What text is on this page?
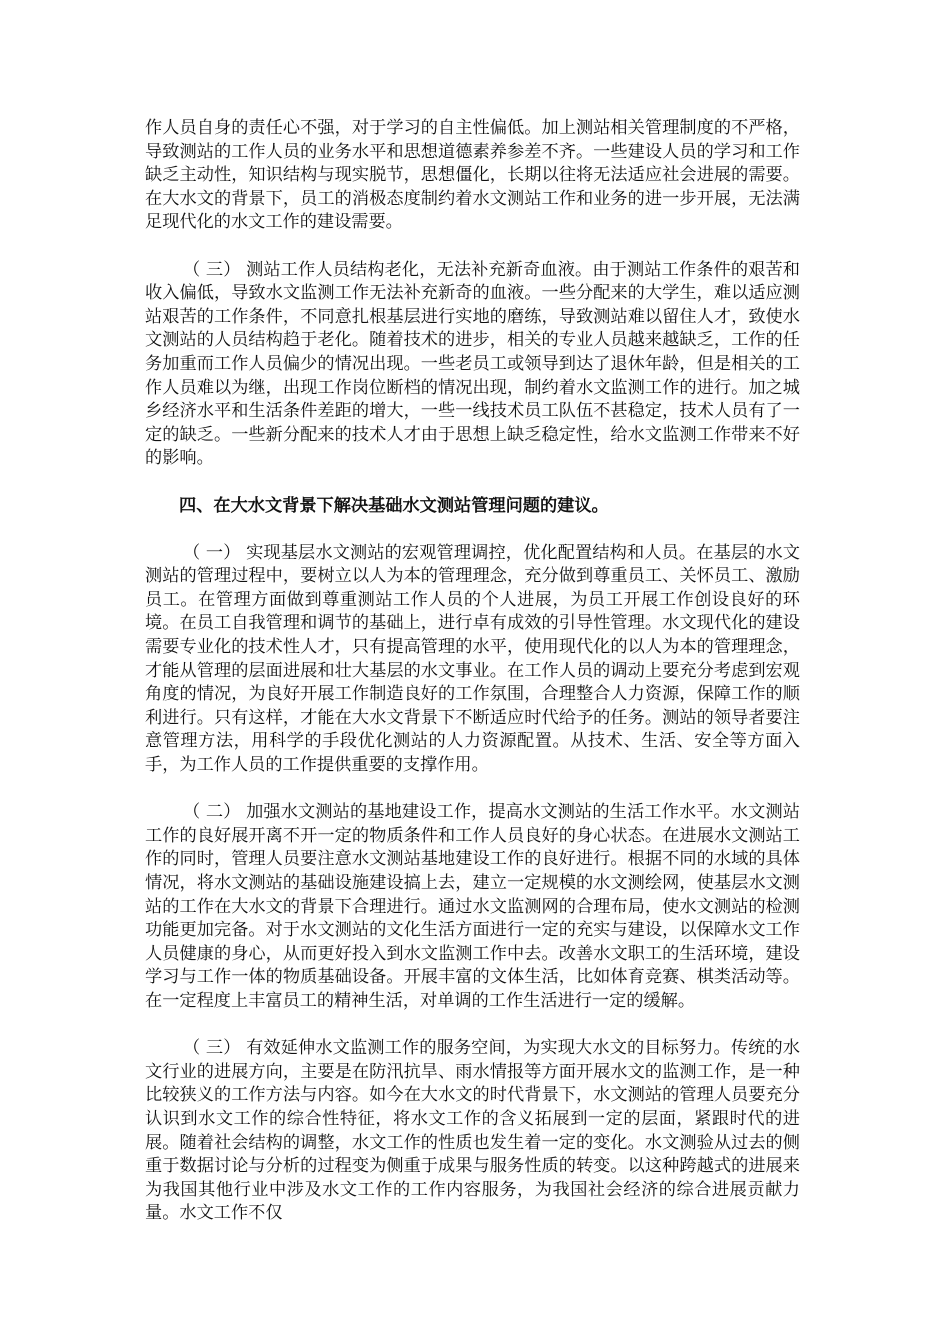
作人员自身的责任心不强，对于学习的自主性偏低。加上测站相关管理制度的不严格，导致测站的工作人员的业务水平和思想道德素养参差不齐。一些建设人员的学习和工作缺乏主动性，知识结构与现实脱节，思想僵化，长期以往将无法适应社会进展的需要。在大水文的背景下，员工的消极态度制约着水文测站工作和业务的进一步开展，无法满足现代化的水文工作的建设需要。

（ 三） 测站工作人员结构老化，无法补充新奇血液。由于测站工作条件的艰苦和收入偏低，导致水文监测工作无法补充新奇的血液。一些分配来的大学生，难以适应测站艰苦的工作条件，不同意扎根基层进行实地的磨练，导致测站难以留住人才，致使水文测站的人员结构趋于老化。随着技术的进步，相关的专业人员越来越缺乏，工作的任务加重而工作人员偏少的情况出现。一些老员工或领导到达了退休年龄，但是相关的工作人员难以为继，出现工作岗位断档的情况出现，制约着水文监测工作的进行。加之城乡经济水平和生活条件差距的增大，一些一线技术员工队伍不甚稳定，技术人员有了一定的缺乏。一些新分配来的技术人才由于思想上缺乏稳定性，给水文监测工作带来不好的影响。

四、在大水文背景下解决基础水文测站管理问题的建议。

（ 一） 实现基层水文测站的宏观管理调控，优化配置结构和人员。在基层的水文测站的管理过程中，要树立以人为本的管理理念，充分做到尊重员工、关怀员工、激励员工。在管理方面做到尊重测站工作人员的个人进展，为员工开展工作创设良好的环境。在员工自我管理和调节的基础上，进行卓有成效的引导性管理。水文现代化的建设需要专业化的技术性人才，只有提高管理的水平，使用现代化的以人为本的管理理念，才能从管理的层面进展和壮大基层的水文事业。在工作人员的调动上要充分考虑到宏观角度的情况，为良好开展工作制造良好的工作氛围，合理整合人力资源，保障工作的顺利进行。只有这样，才能在大水文背景下不断适应时代给予的任务。测站的领导者要注意管理方法，用科学的手段优化测站的人力资源配置。从技术、生活、安全等方面入手，为工作人员的工作提供重要的支撑作用。

（ 二） 加强水文测站的基地建设工作，提高水文测站的生活工作水平。水文测站工作的良好展开离不开一定的物质条件和工作人员良好的身心状态。在进展水文测站工作的同时，管理人员要注意水文测站基地建设工作的良好进行。根据不同的水域的具体情况，将水文测站的基础设施建设搞上去，建立一定规模的水文测绘网，使基层水文测站的工作在大水文的背景下合理进行。通过水文监测网的合理布局，使水文测站的检测功能更加完备。对于水文测站的文化生活方面进行一定的充实与建设，以保障水文工作人员健康的身心，从而更好投入到水文监测工作中去。改善水文职工的生活环境，建设学习与工作一体的物质基础设备。开展丰富的文体生活，比如体育竞赛、棋类活动等。在一定程度上丰富员工的精神生活，对单调的工作生活进行一定的缓解。

（ 三） 有效延伸水文监测工作的服务空间，为实现大水文的目标努力。传统的水文行业的进展方向，主要是在防汛抗旱、雨水情报等方面开展水文的监测工作，是一种比较狭义的工作方法与内容。如今在大水文的时代背景下，水文测站的管理人员要充分认识到水文工作的综合性特征，将水文工作的含义拓展到一定的层面，紧跟时代的进展。随着社会结构的调整，水文工作的性质也发生着一定的变化。水文测验从过去的侧重于数据讨论与分析的过程变为侧重于成果与服务性质的转变。以这种跨越式的进展来为我国其他行业中涉及水文工作的工作内容服务，为我国社会经济的综合进展贡献力量。水文工作不仅
